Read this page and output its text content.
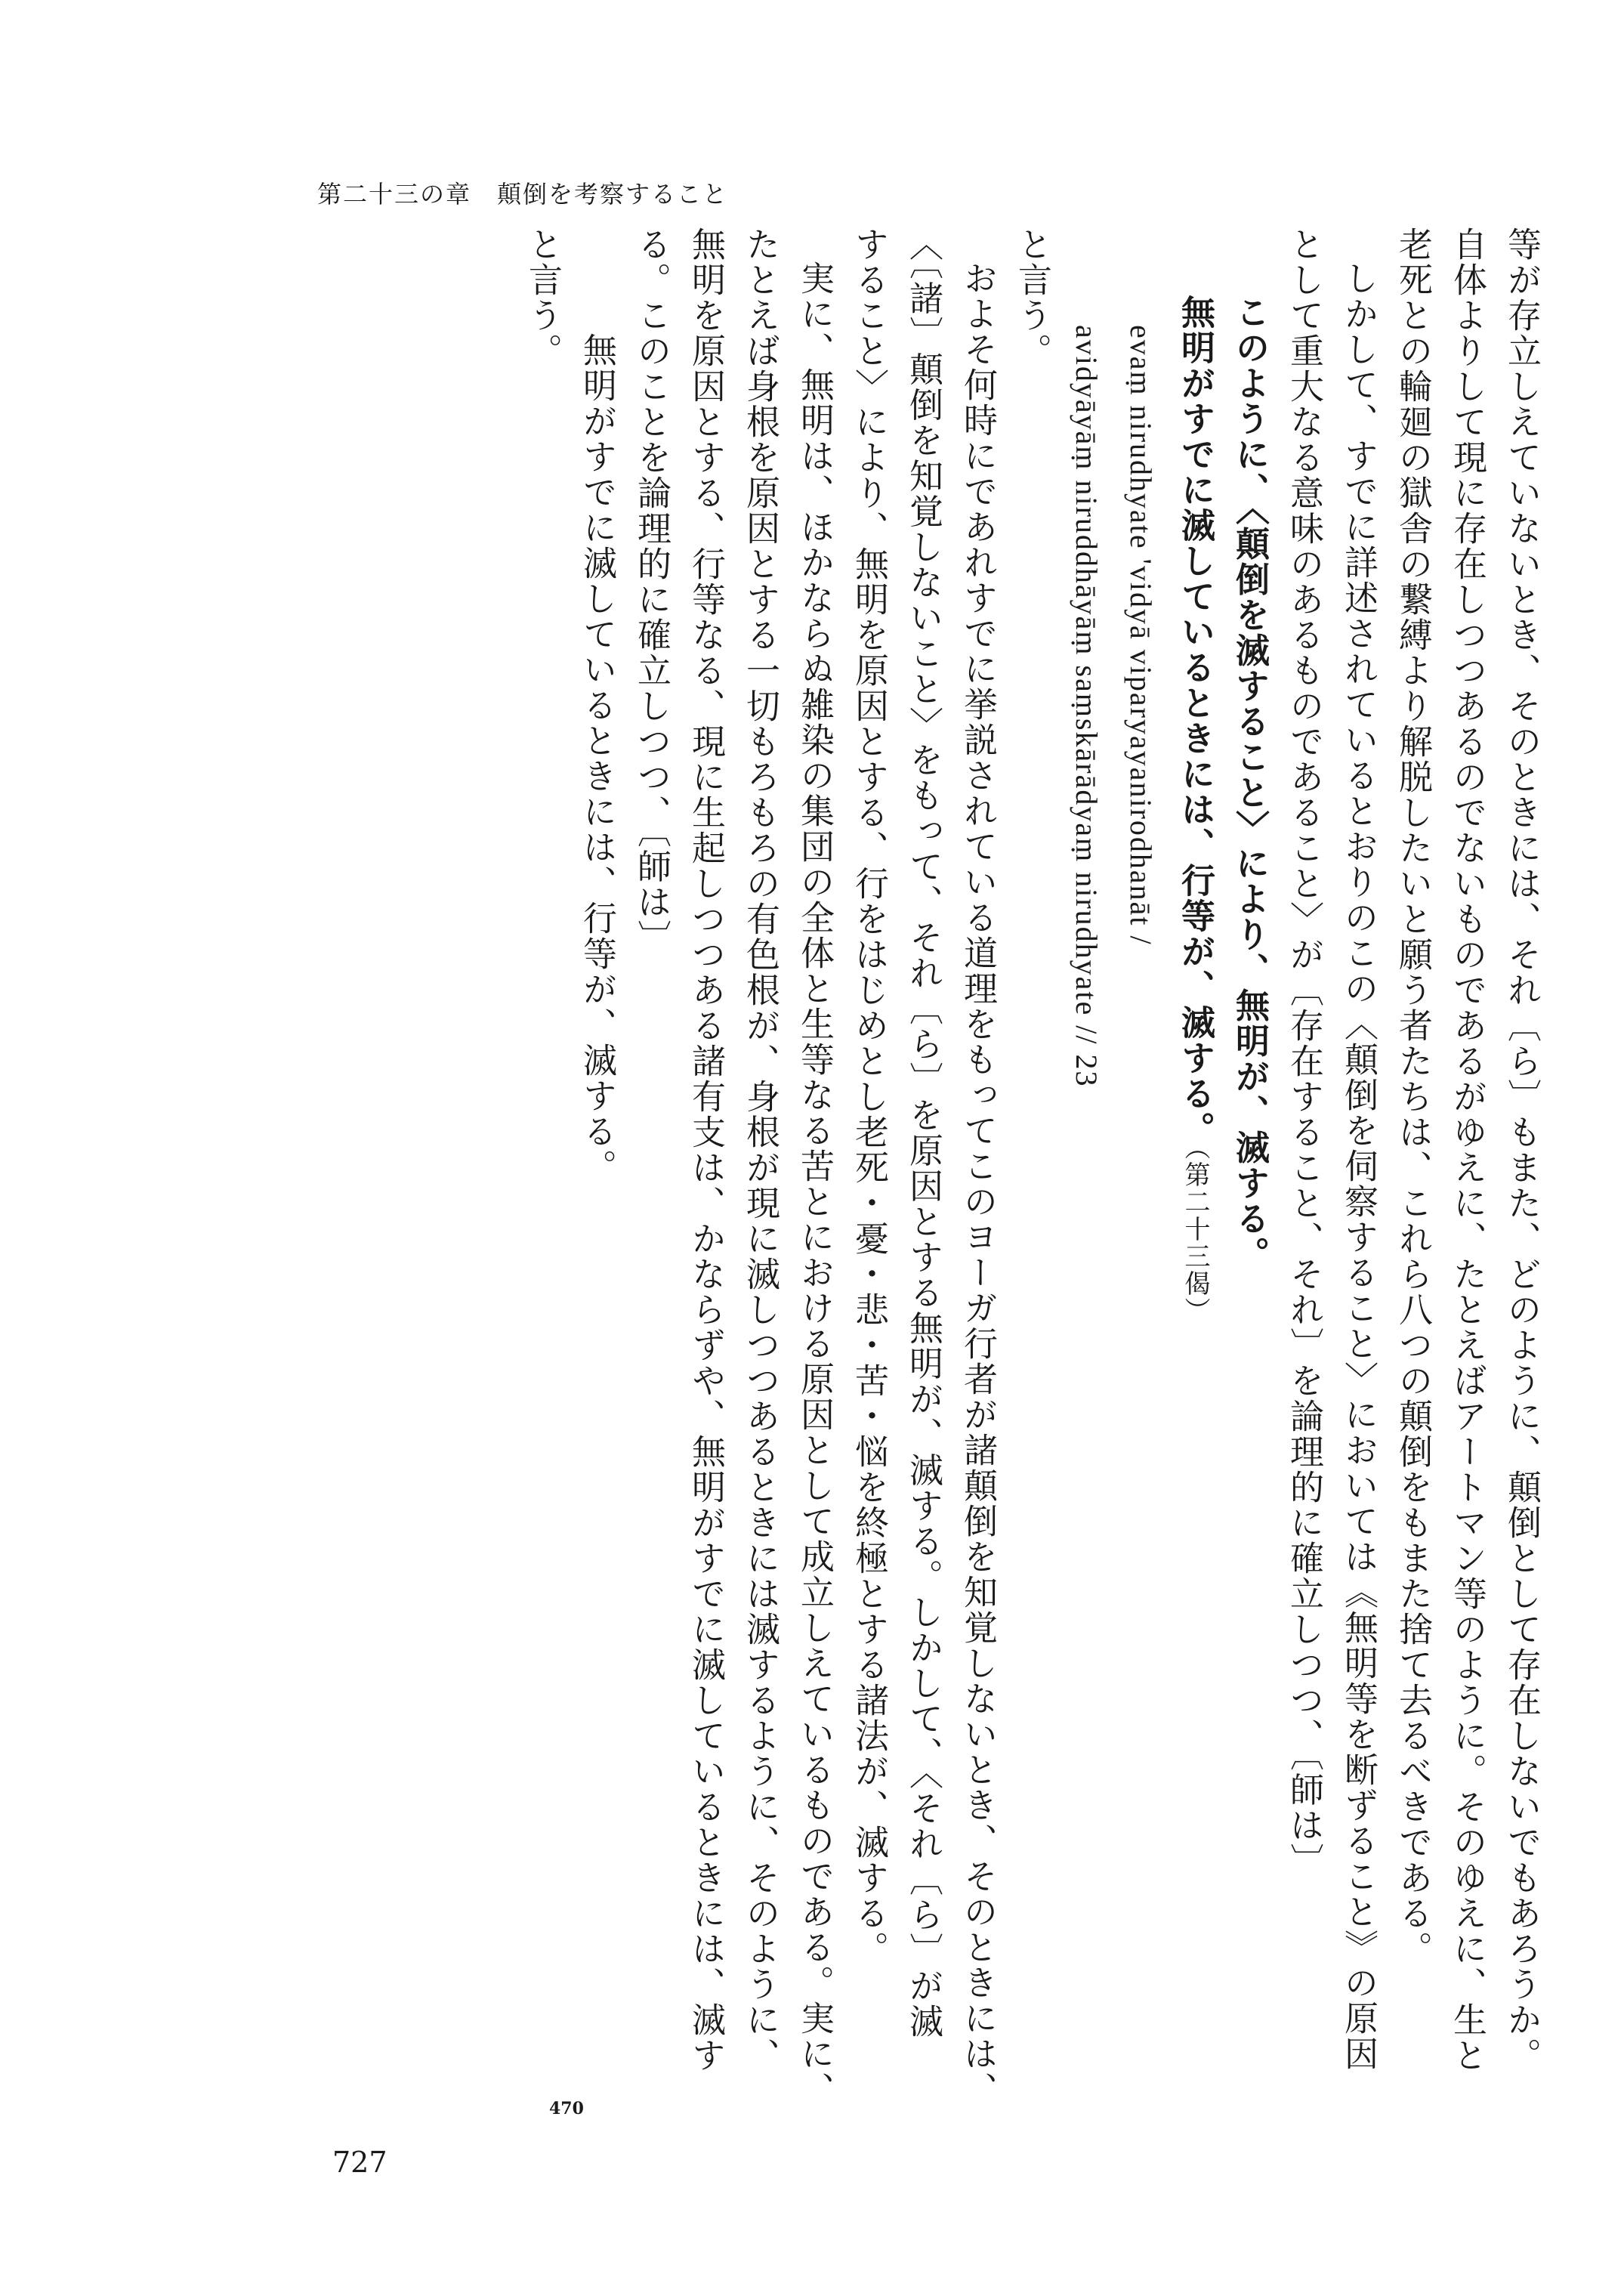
第二十三の章　顛倒を考察すること

等が存立しえていないとき、そのときには、それ〔ら〕もまた、どのように、顛倒として存在しないでもあろうか。

自体よりして現に存在しつつあるのでないものであるがゆえに、たとえばアートマン等のように。そのゆえに、生と

老死との輪廻の獄舎の繋縛より解脱したいと願う者たちは、これら八つの顛倒をもまた捨て去るべきである。

しかして、すでに詳述されているとおりのこの〈顛倒を伺察すること〉においては《無明等を断ずること》の原因

として重大なる意味のあるものであること〉が〔存在すること、それ〕を論理的に確立しつつ、〔師は〕

このように、〈顛倒を滅すること〉により、無明が、滅する。

無明がすでに滅しているときには、行等が、滅する。（第二十三偈）

evaṃ nirudhyate 'vidyā viparyayanirodhanāt /

avidyāyāṃ niruddhāyāṃ saṃskārādyaṃ nirudhyate // 23

と言う。

およそ何時にであれすでに挙説されている道理をもってこのヨーガ行者が諸顛倒を知覚しないとき、そのときには、

〈〔諸〕顛倒を知覚しないこと〉をもって、それ〔ら〕を原因とする無明が、滅する。しかして、〈それ〔ら〕が滅

すること〉により、無明を原因とする、行をはじめとし老死・憂・悲・苦・悩を終極とする諸法が、滅する。

実に、無明は、ほかならぬ雑染の集団の全体と生等なる苦とにおける原因として成立しえているものである。実に、

たとえば身根を原因とする一切もろもろの有色根が、身根が現に滅しつつあるときには滅するように、そのように、

無明を原因とする、行等なる、現に生起しつつある諸有支は、かならずや、無明がすでに滅しているときには、滅す

る。このことを論理的に確立しつつ、〔師は〕

無明がすでに滅しているときには、行等が、滅する。

と言う。

470
727
